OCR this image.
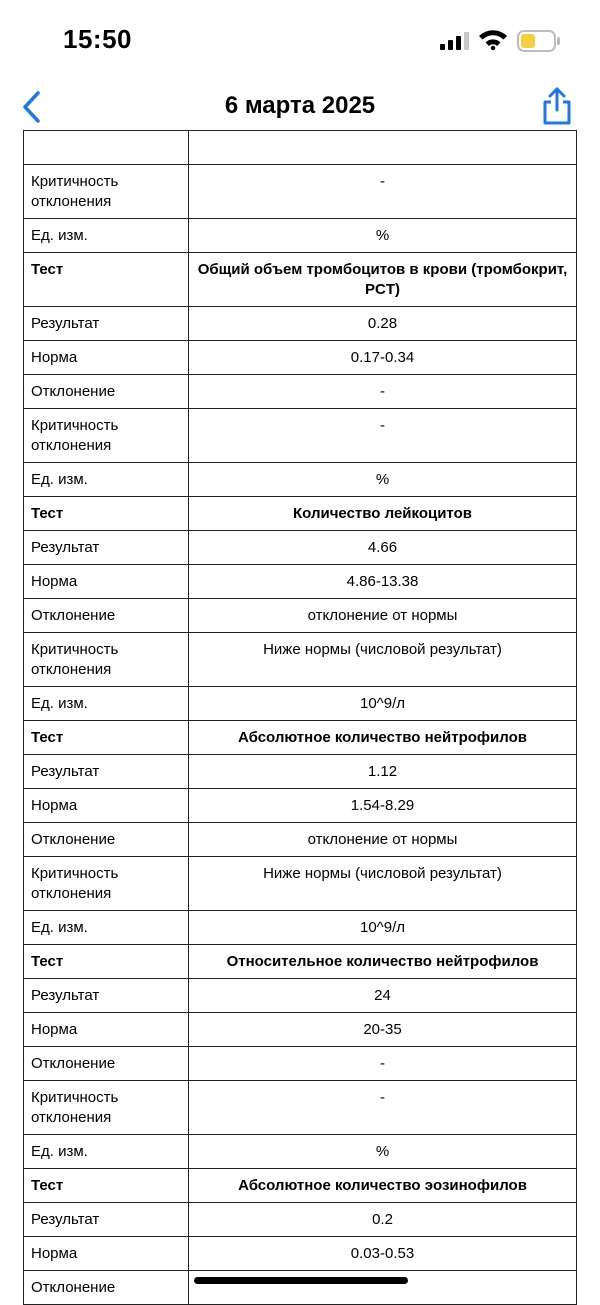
15:50
6 марта 2025

Критичность отклонения	-
Ед. изм.	%
Тест	Общий объем тромбоцитов в крови (тромбокрит, PCT)
Результат	0.28
Норма	0.17-0.34
Отклонение	-
Критичность отклонения	-
Ед. изм.	%
Тест	Количество лейкоцитов
Результат	4.66
Норма	4.86-13.38
Отклонение	отклонение от нормы
Критичность отклонения	Ниже нормы (числовой результат)
Ед. изм.	10^9/л
Тест	Абсолютное количество нейтрофилов
Результат	1.12
Норма	1.54-8.29
Отклонение	отклонение от нормы
Критичность отклонения	Ниже нормы (числовой результат)
Ед. изм.	10^9/л
Тест	Относительное количество нейтрофилов
Результат	24
Норма	20-35
Отклонение	-
Критичность отклонения	-
Ед. изм.	%
Тест	Абсолютное количество эозинофилов
Результат	0.2
Норма	0.03-0.53
Отклонение	
